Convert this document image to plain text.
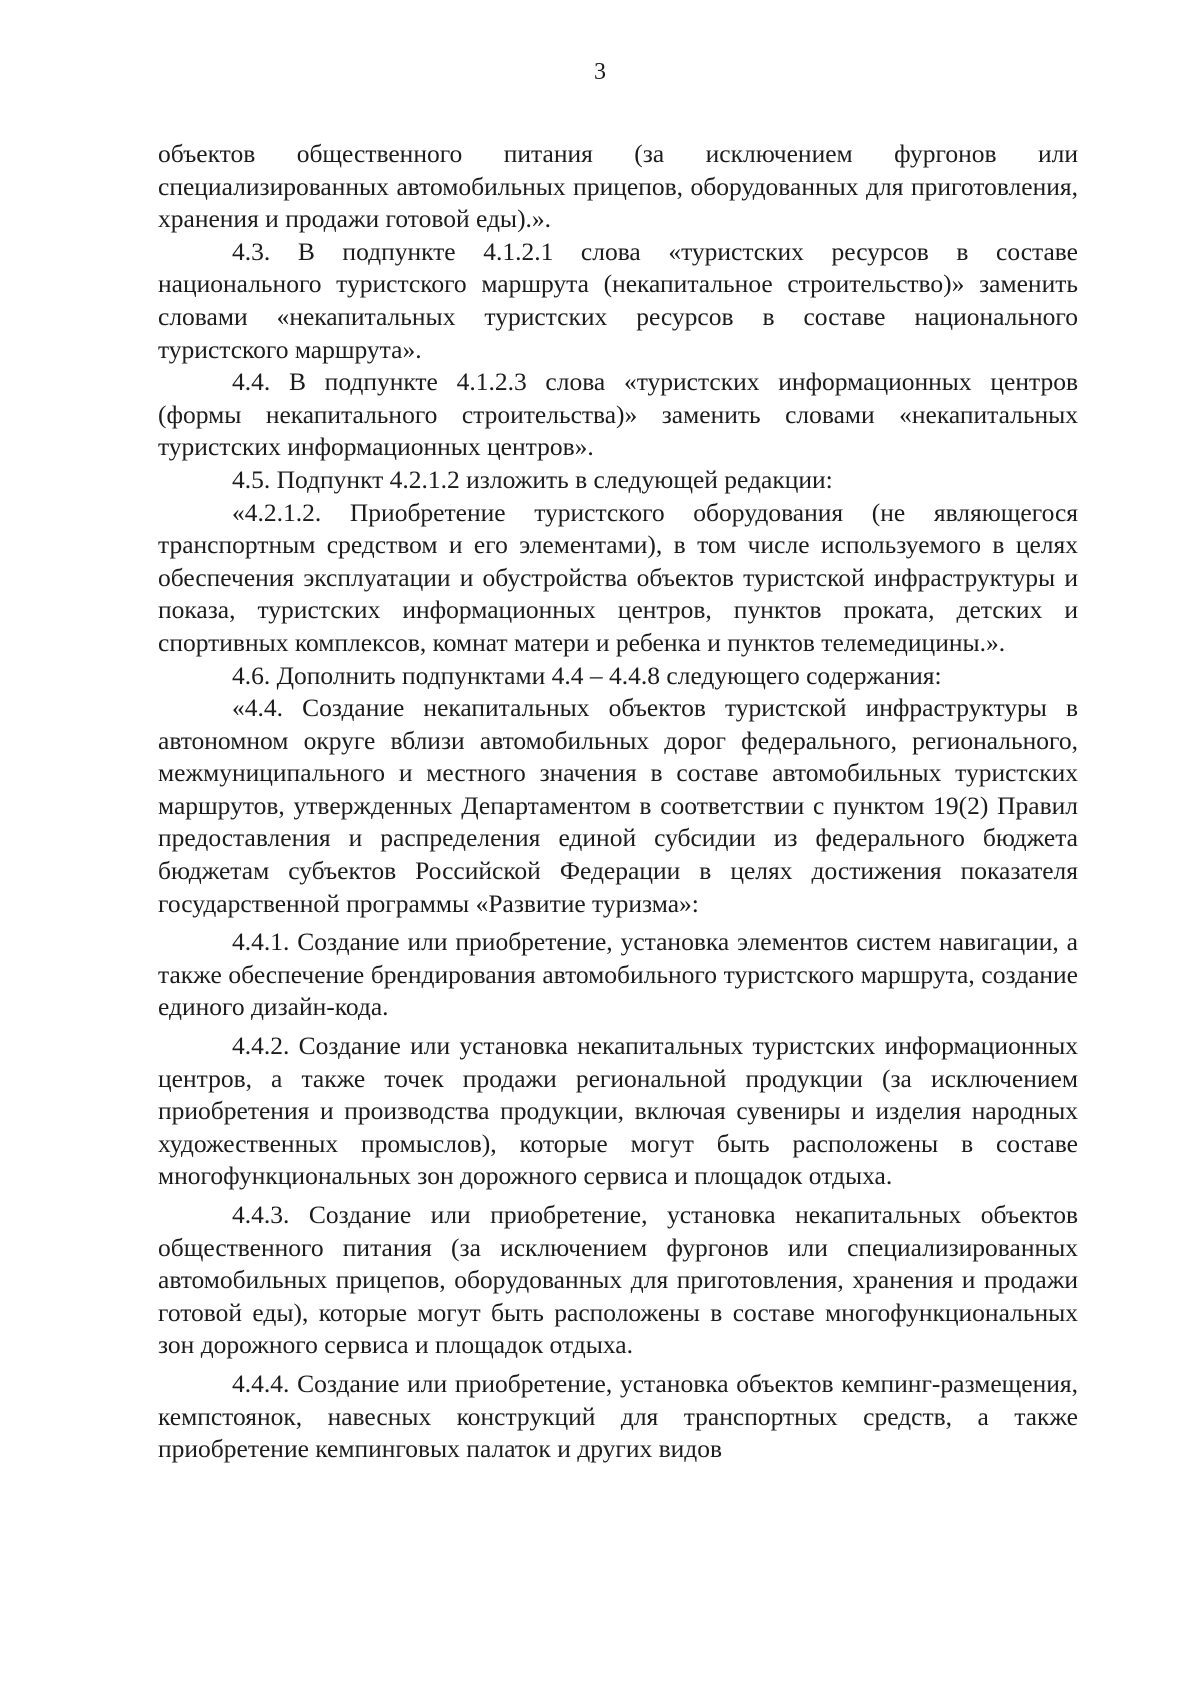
3

объектов общественного питания (за исключением фургонов или специализированных автомобильных прицепов, оборудованных для приготовления, хранения и продажи готовой еды).».

4.3. В подпункте 4.1.2.1 слова «туристских ресурсов в составе национального туристского маршрута (некапитальное строительство)» заменить словами «некапитальных туристских ресурсов в составе национального туристского маршрута».

4.4. В подпункте 4.1.2.3 слова «туристских информационных центров (формы некапитального строительства)» заменить словами «некапитальных туристских информационных центров».

4.5. Подпункт 4.2.1.2 изложить в следующей редакции:

«4.2.1.2. Приобретение туристского оборудования (не являющегося транспортным средством и его элементами), в том числе используемого в целях обеспечения эксплуатации и обустройства объектов туристской инфраструктуры и показа, туристских информационных центров, пунктов проката, детских и спортивных комплексов, комнат матери и ребенка и пунктов телемедицины.».

4.6. Дополнить подпунктами 4.4 – 4.4.8 следующего содержания:

«4.4. Создание некапитальных объектов туристской инфраструктуры в автономном округе вблизи автомобильных дорог федерального, регионального, межмуниципального и местного значения в составе автомобильных туристских маршрутов, утвержденных Департаментом в соответствии с пунктом 19(2) Правил предоставления и распределения единой субсидии из федерального бюджета бюджетам субъектов Российской Федерации в целях достижения показателя государственной программы «Развитие туризма»:

4.4.1. Создание или приобретение, установка элементов систем навигации, а также обеспечение брендирования автомобильного туристского маршрута, создание единого дизайн-кода.

4.4.2. Создание или установка некапитальных туристских информационных центров, а также точек продажи региональной продукции (за исключением приобретения и производства продукции, включая сувениры и изделия народных художественных промыслов), которые могут быть расположены в составе многофункциональных зон дорожного сервиса и площадок отдыха.

4.4.3. Создание или приобретение, установка некапитальных объектов общественного питания (за исключением фургонов или специализированных автомобильных прицепов, оборудованных для приготовления, хранения и продажи готовой еды), которые могут быть расположены в составе многофункциональных зон дорожного сервиса и площадок отдыха.

4.4.4. Создание или приобретение, установка объектов кемпинг-размещения, кемпстоянок, навесных конструкций для транспортных средств, а также приобретение кемпинговых палаток и других видов
